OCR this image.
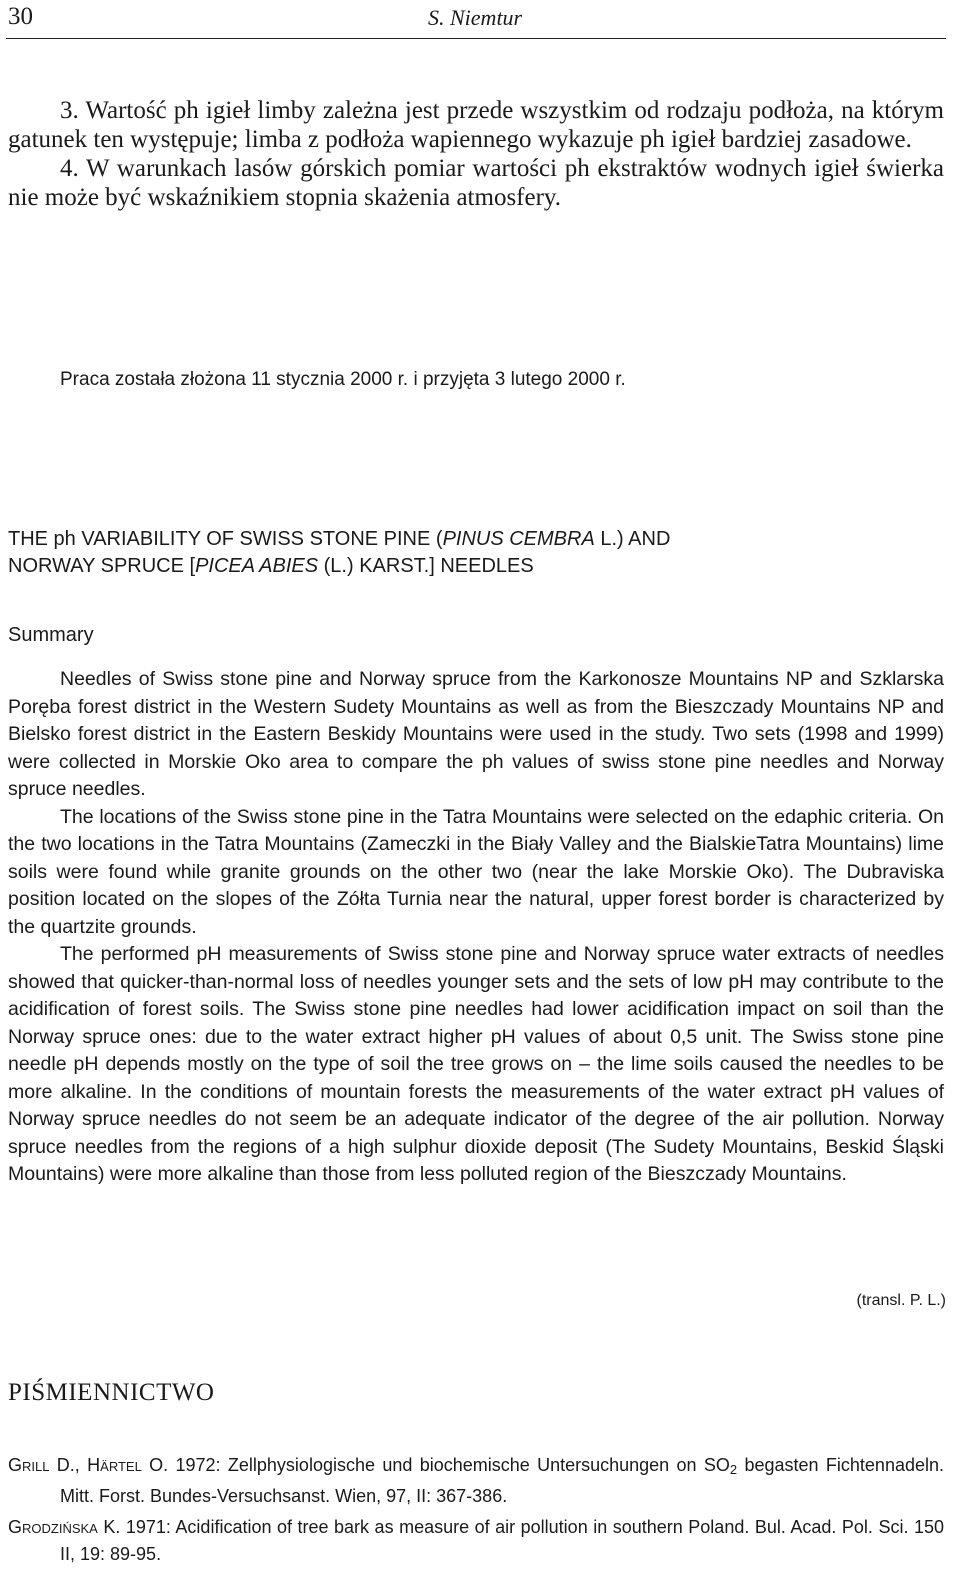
30	S. Niemtur

3. Wartość ph igieł limby zależna jest przede wszystkim od rodzaju podłoża, na którym gatunek ten występuje; limba z podłoża wapiennego wykazuje ph igieł bardziej zasadowe.

4. W warunkach lasów górskich pomiar wartości ph ekstraktów wodnych igieł świerka nie może być wskaźnikiem stopnia skażenia atmosfery.

Praca została złożona 11 stycznia 2000 r. i przyjęta 3 lutego 2000 r.
THE ph VARIABILITY OF SWISS STONE PINE (PINUS CEMBRA L.) AND
NORWAY SPRUCE [PICEA ABIES (L.) KARST.] NEEDLES
Summary

Needles of Swiss stone pine and Norway spruce from the Karkonosze Mountains NP and Szklarska Poręba forest district in the Western Sudety Mountains as well as from the Bieszczady Mountains NP and Bielsko forest district in the Eastern Beskidy Mountains were used in the study. Two sets (1998 and 1999) were collected in Morskie Oko area to compare the ph values of swiss stone pine needles and Norway spruce needles.

The locations of the Swiss stone pine in the Tatra Mountains were selected on the edaphic criteria. On the two locations in the Tatra Mountains (Zameczki in the Biały Valley and the BialskieTatra Mountains) lime soils were found while granite grounds on the other two (near the lake Morskie Oko). The Dubraviska position located on the slopes of the Zółta Turnia near the natural, upper forest border is characterized by the quartzite grounds.

The performed pH measurements of Swiss stone pine and Norway spruce water extracts of needles showed that quicker-than-normal loss of needles younger sets and the sets of low pH may contribute to the acidification of forest soils. The Swiss stone pine needles had lower acidification impact on soil than the Norway spruce ones: due to the water extract higher pH values of about 0,5 unit. The Swiss stone pine needle pH depends mostly on the type of soil the tree grows on – the lime soils caused the needles to be more alkaline. In the conditions of mountain forests the measurements of the water extract pH values of Norway spruce needles do not seem be an adequate indicator of the degree of the air pollution. Norway spruce needles from the regions of a high sulphur dioxide deposit (The Sudety Mountains, Beskid Śląski Mountains) were more alkaline than those from less polluted region of the Bieszczady Mountains.

(transl. P. L.)
PIŚMIENNICTWO

Grill D., Härtel O. 1972: Zellphysiologische und biochemische Untersuchungen on $SO_2$ begasten Fichtennadeln. Mitt. Forst. Bundes-Versuchsanst. Wien, 97, II: 367-386.

Grodzińska K. 1971: Acidification of tree bark as measure of air pollution in southern Poland. Bul. Acad. Pol. Sci. 150 II, 19: 89-95.
